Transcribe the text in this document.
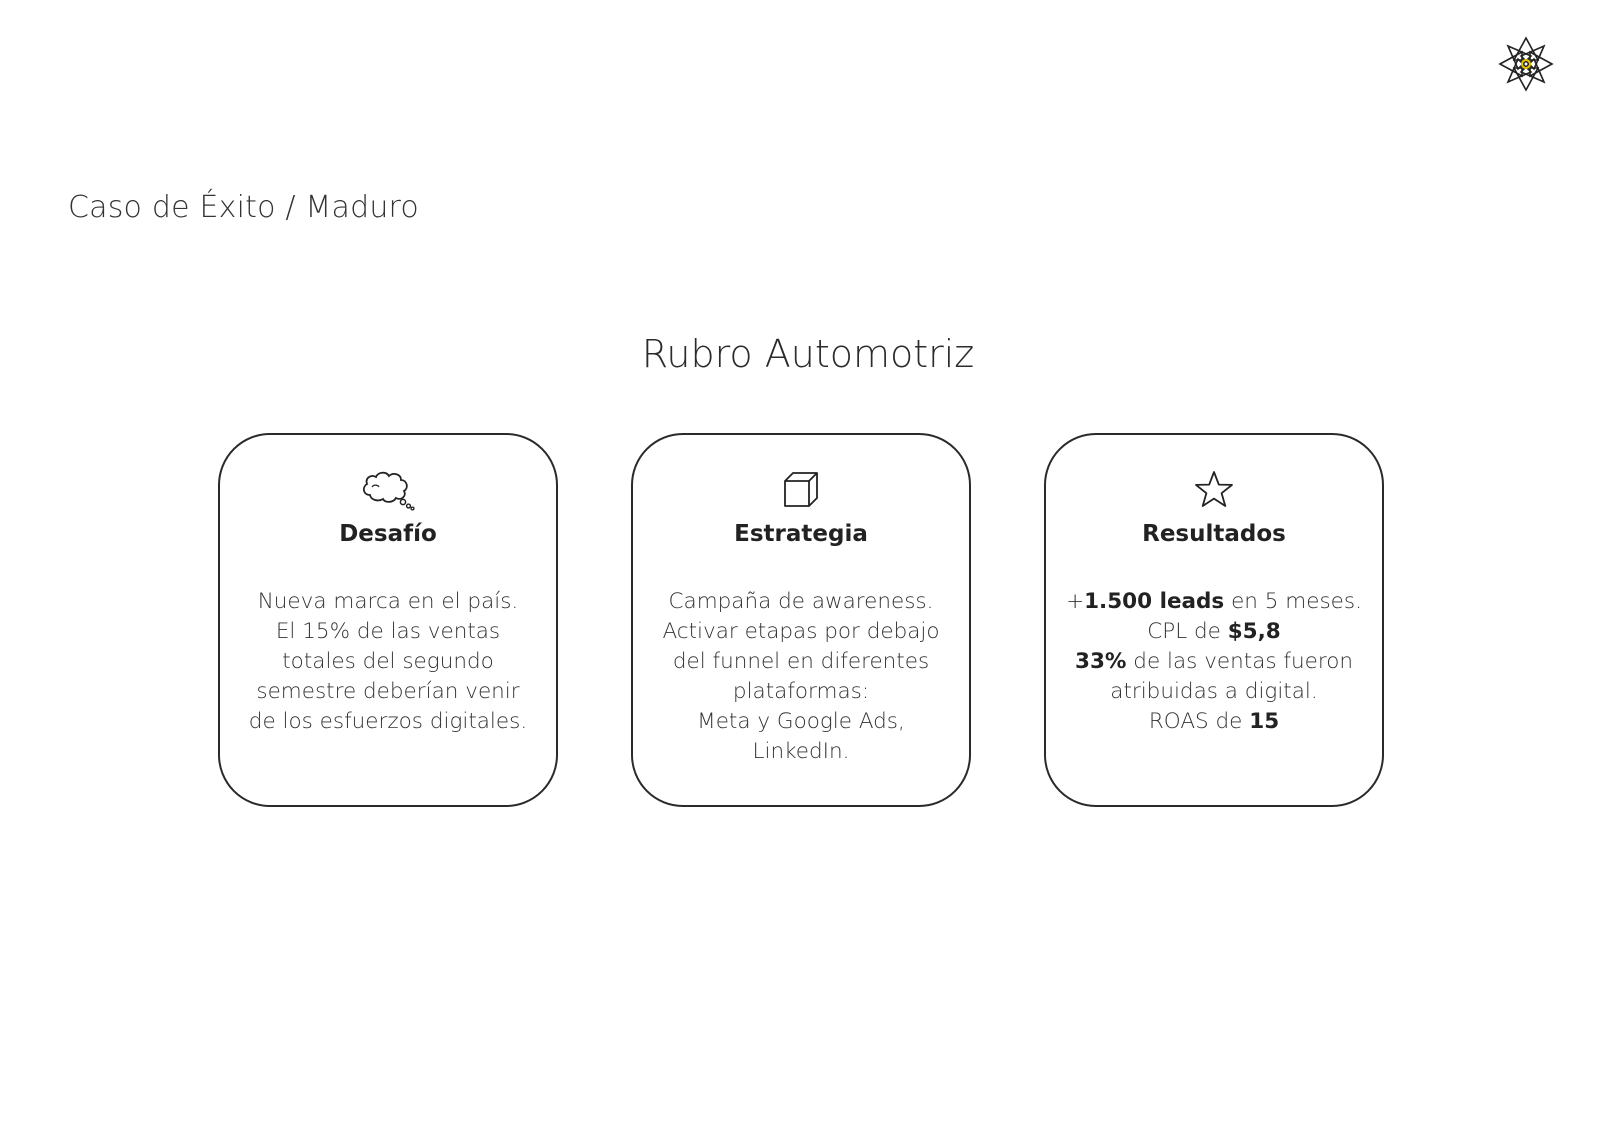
Caso de Éxito / Maduro
Rubro Automotriz
Desafío
Nueva marca en el país.
El 15% de las ventas
totales del segundo
semestre deberían venir
de los esfuerzos digitales.
Estrategia
Campaña de awareness.
Activar etapas por debajo
del funnel en diferentes
plataformas:
Meta y Google Ads,
LinkedIn.
Resultados
+1.500 leads en 5 meses.
CPL de $5,8
33% de las ventas fueron
atribuidas a digital.
ROAS de 15
